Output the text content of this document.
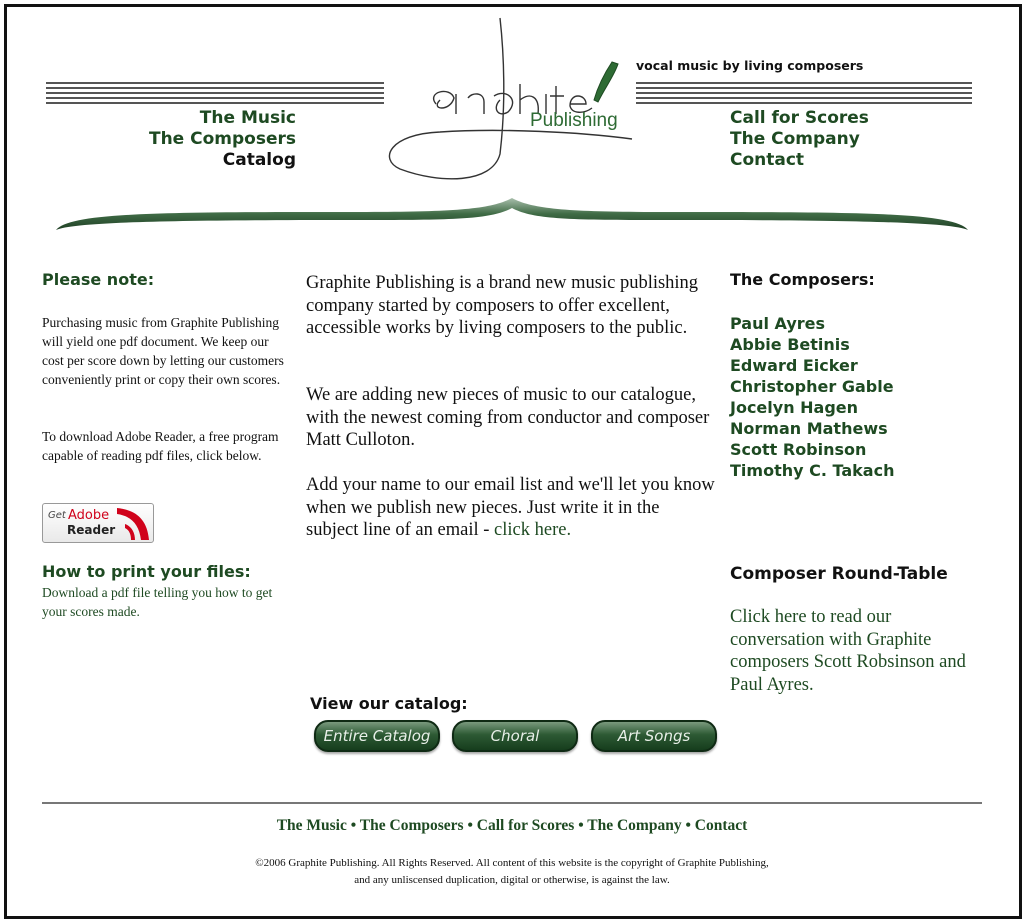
Publishing
vocal music by living composers
The Music
The Composers
Catalog
Call for Scores
The Company
Contact
Please note:
Purchasing music from Graphite Publishing will yield one pdf document. We keep our cost per score down by letting our customers conveniently print or copy their own scores.
To download Adobe Reader, a free program capable of reading pdf files, click below.
Get Adobe
Reader
How to print your files:
Download a pdf file telling you how to get your scores made.
Graphite Publishing is a brand new music publishing company started by composers to offer excellent, accessible works by living composers to the public.
We are adding new pieces of music to our catalogue, with the newest coming from conductor and composer Matt Culloton.
Add your name to our email list and we'll let you know when we publish new pieces. Just write it in the subject line of an email - click here.
View our catalog:
Entire Catalog	Choral	Art Songs
The Composers:
Paul Ayres
Abbie Betinis
Edward Eicker
Christopher Gable
Jocelyn Hagen
Norman Mathews
Scott Robinson
Timothy C. Takach
Composer Round-Table
Click here to read our conversation with Graphite composers Scott Robsinson and Paul Ayres.
The Music • The Composers • Call for Scores • The Company • Contact
©2006 Graphite Publishing. All Rights Reserved. All content of this website is the copyright of Graphite Publishing,
and any unliscensed duplication, digital or otherwise, is against the law.
